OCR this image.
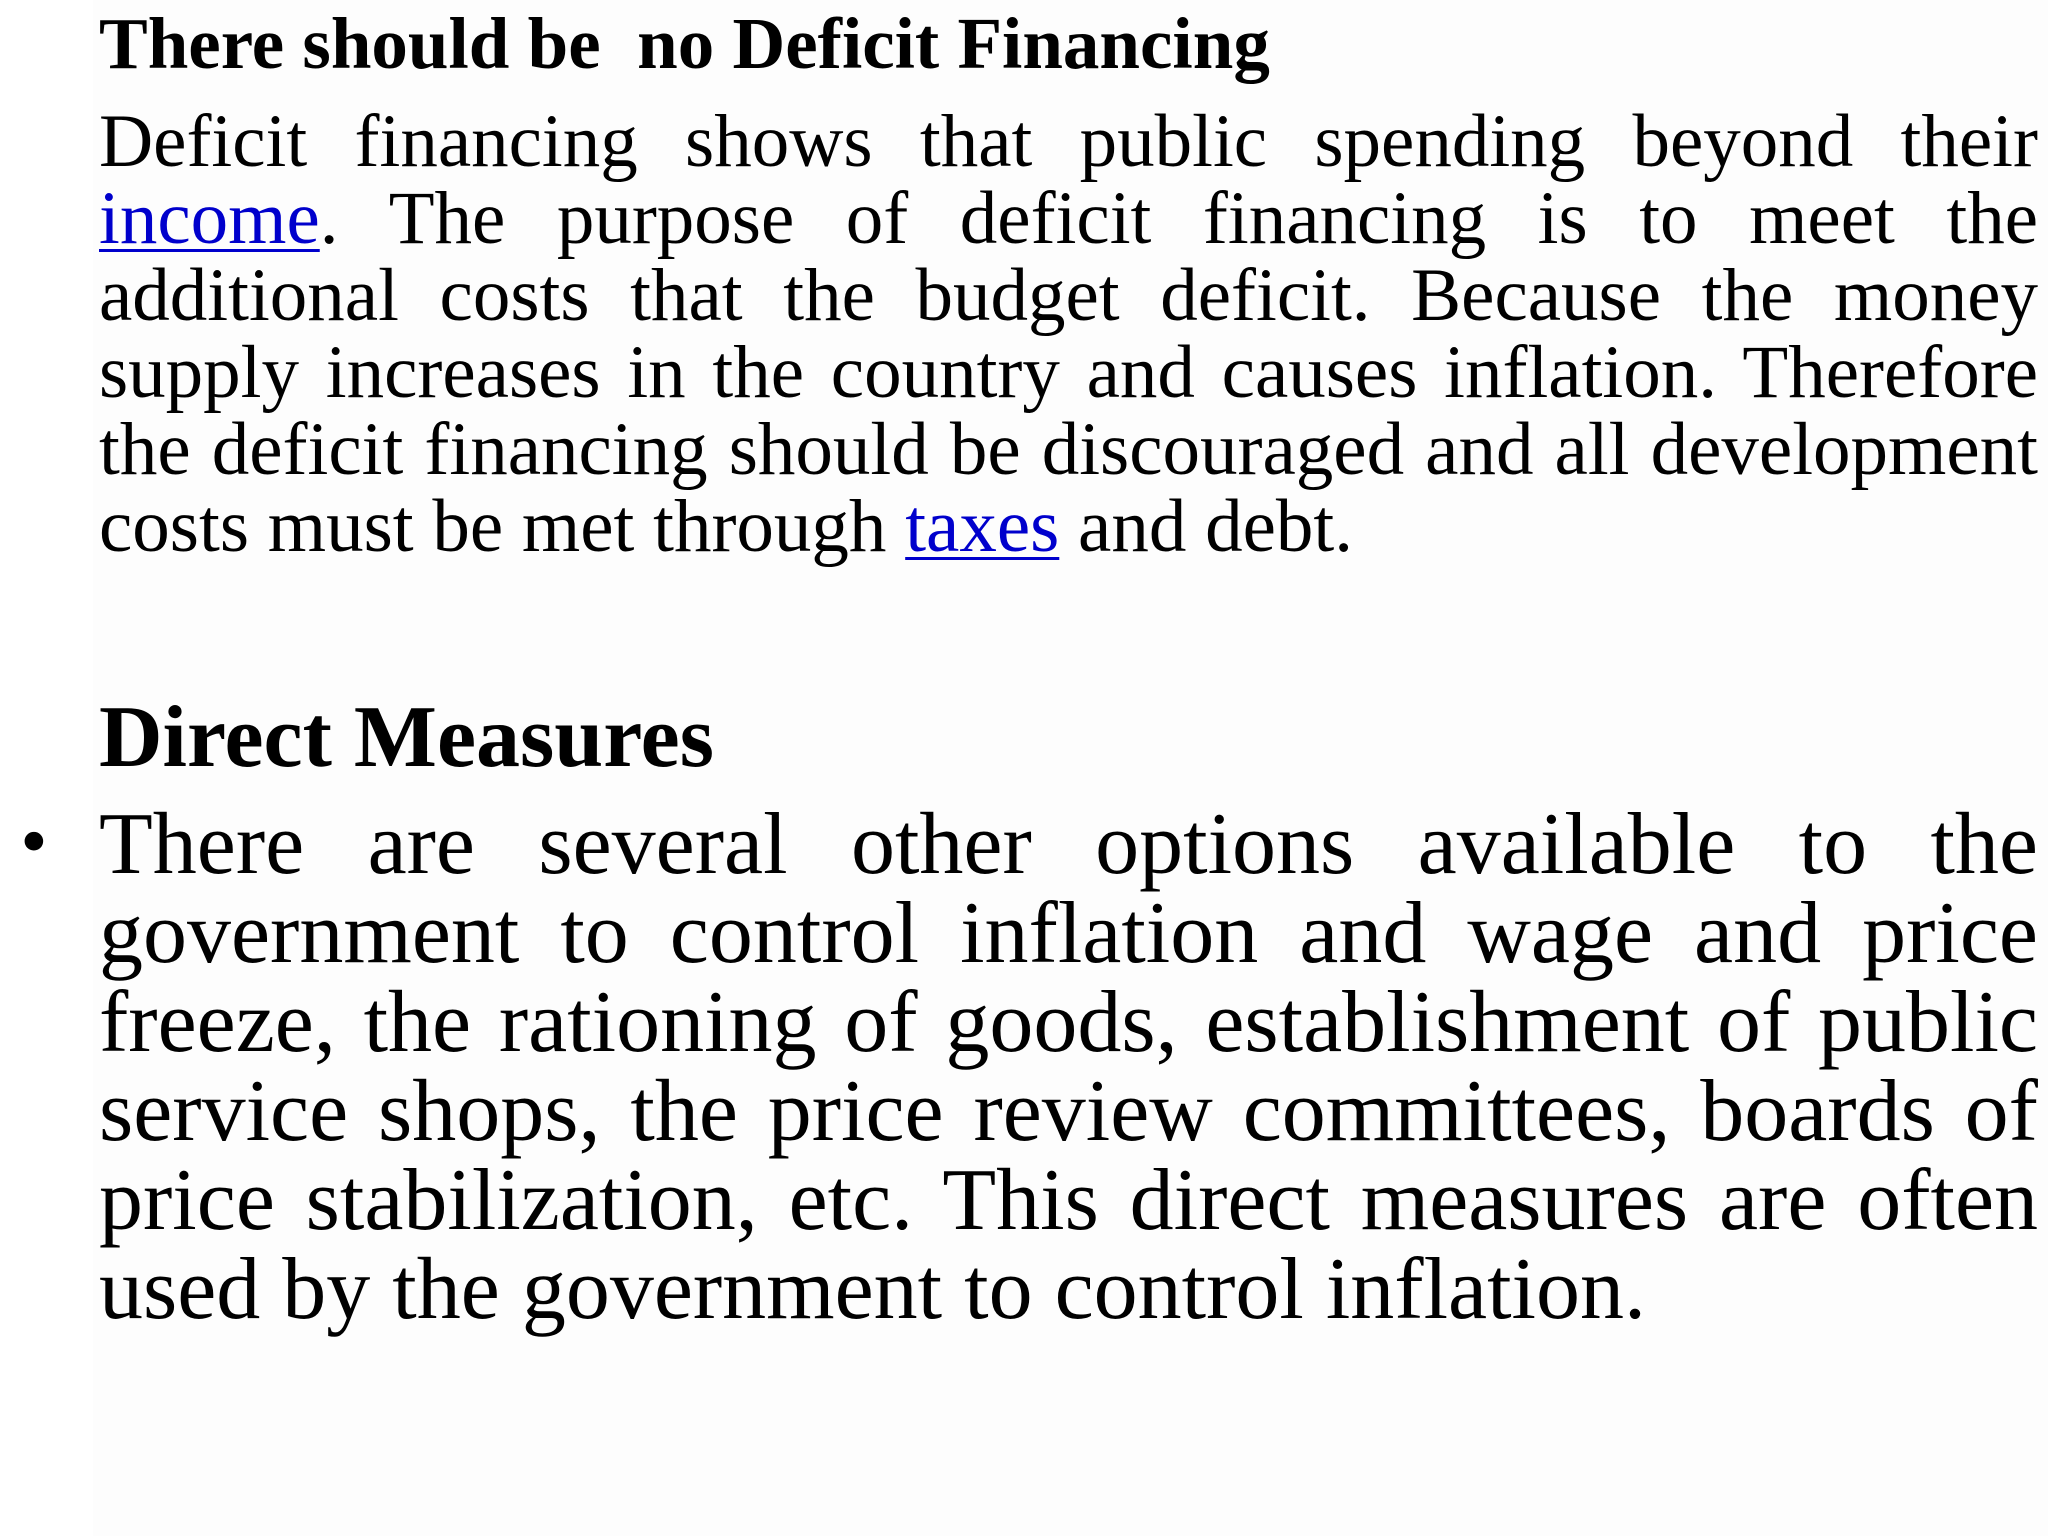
There should be  no Deficit Financing

Deficit financing shows that public spending beyond their income. The purpose of deficit financing is to meet the additional costs that the budget deficit. Because the money supply increases in the country and causes inflation. Therefore the deficit financing should be discouraged and all development costs must be met through taxes and debt.

Direct Measures
• There are several other options available to the government to control inflation and wage and price freeze, the rationing of goods, establishment of public service shops, the price review committees, boards of price stabilization, etc. This direct measures are often used by the government to control inflation.
